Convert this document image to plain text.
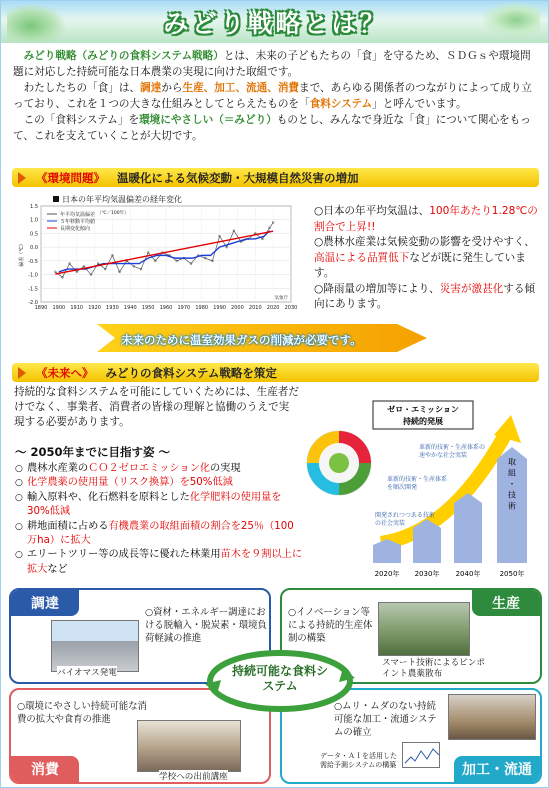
みどり戦略とは？

みどり戦略（みどりの食料システム戦略）とは、未来の子どもたちの「食」を守るため、ＳＤＧｓや環境問題に対応した持続可能な日本農業の実現に向けた取組です。

わたしたちの「食」は、調達から生産、加工、流通、消費まで、あらゆる関係者のつながりによって成り立っており、これを１つの大きな仕組みとしてとらえたものを「食料システム」と呼んでいます。

この「食料システム」を環境にやさしい（＝みどり）ものとし、みんなで身近な「食」について関心をもって、これを支えていくことが大切です。

《環境問題》 温暖化による気候変動・大規模自然災害の増加
日本の年平均気温偏差の経年変化
-2.0
-1.5
-1.0
-0.5
0.0
0.5
1.0
1.5
1890 1900 1910 1920 1930 1940 1950 1960 1970 1980 1990 2000 2010 2020 2030
偏差（℃）
年平均気温偏差
５年移動平均値
長期変化傾向
（℃／100年）
気象庁
○日本の年平均気温は、100年あたり1.28℃の割合で上昇!!
○農林水産業は気候変動の影響を受けやすく、高温による品質低下などが既に発生しています。
○降雨量の増加等により、災害が激甚化する傾向にあります。
未来のために温室効果ガスの削減が必要です。
《未来へ》 みどりの食料システム戦略を策定
持続的な食料システムを可能にしていくためには、生産者だけでなく、事業者、消費者の皆様の理解と協働のうえで実現する必要があります。
～ 2050年までに目指す姿 ～
○ 農林水産業のＣＯ２ゼロエミッション化の実現
○ 化学農薬の使用量（リスク換算）を50%低減
○ 輸入原料や、化石燃料を原料とした化学肥料の使用量を30%低減
○ 耕地面積に占める有機農業の取組面積の割合を25％（100万ha）に拡大
○ エリートツリー等の成長等に優れた林業用苗木を９割以上に拡大など
ゼロ・エミッション
持続的発展
取組・技術
革新的技術・生産体系の速やかな社会実装
革新的技術・生産体系を順次開発
開発されつつある技術の社会実装
2020年 2030年 2040年	2050年
調達
○資材・エネルギー調達における脱輸入・脱炭素・環境負荷軽減の推進
バイオマス発電
生産
○イノベーション等による持続的生産体制の構築
スマート技術によるピンポイント農薬散布
消費
○環境にやさしい持続可能な消費の拡大や食育の推進
学校への出前講座	加工・流通
○ムリ・ムダのない持続可能な加工・流通システムの確立
データ・ＡＩを活用した需給予測システムの構築
持続可能な食料システム
